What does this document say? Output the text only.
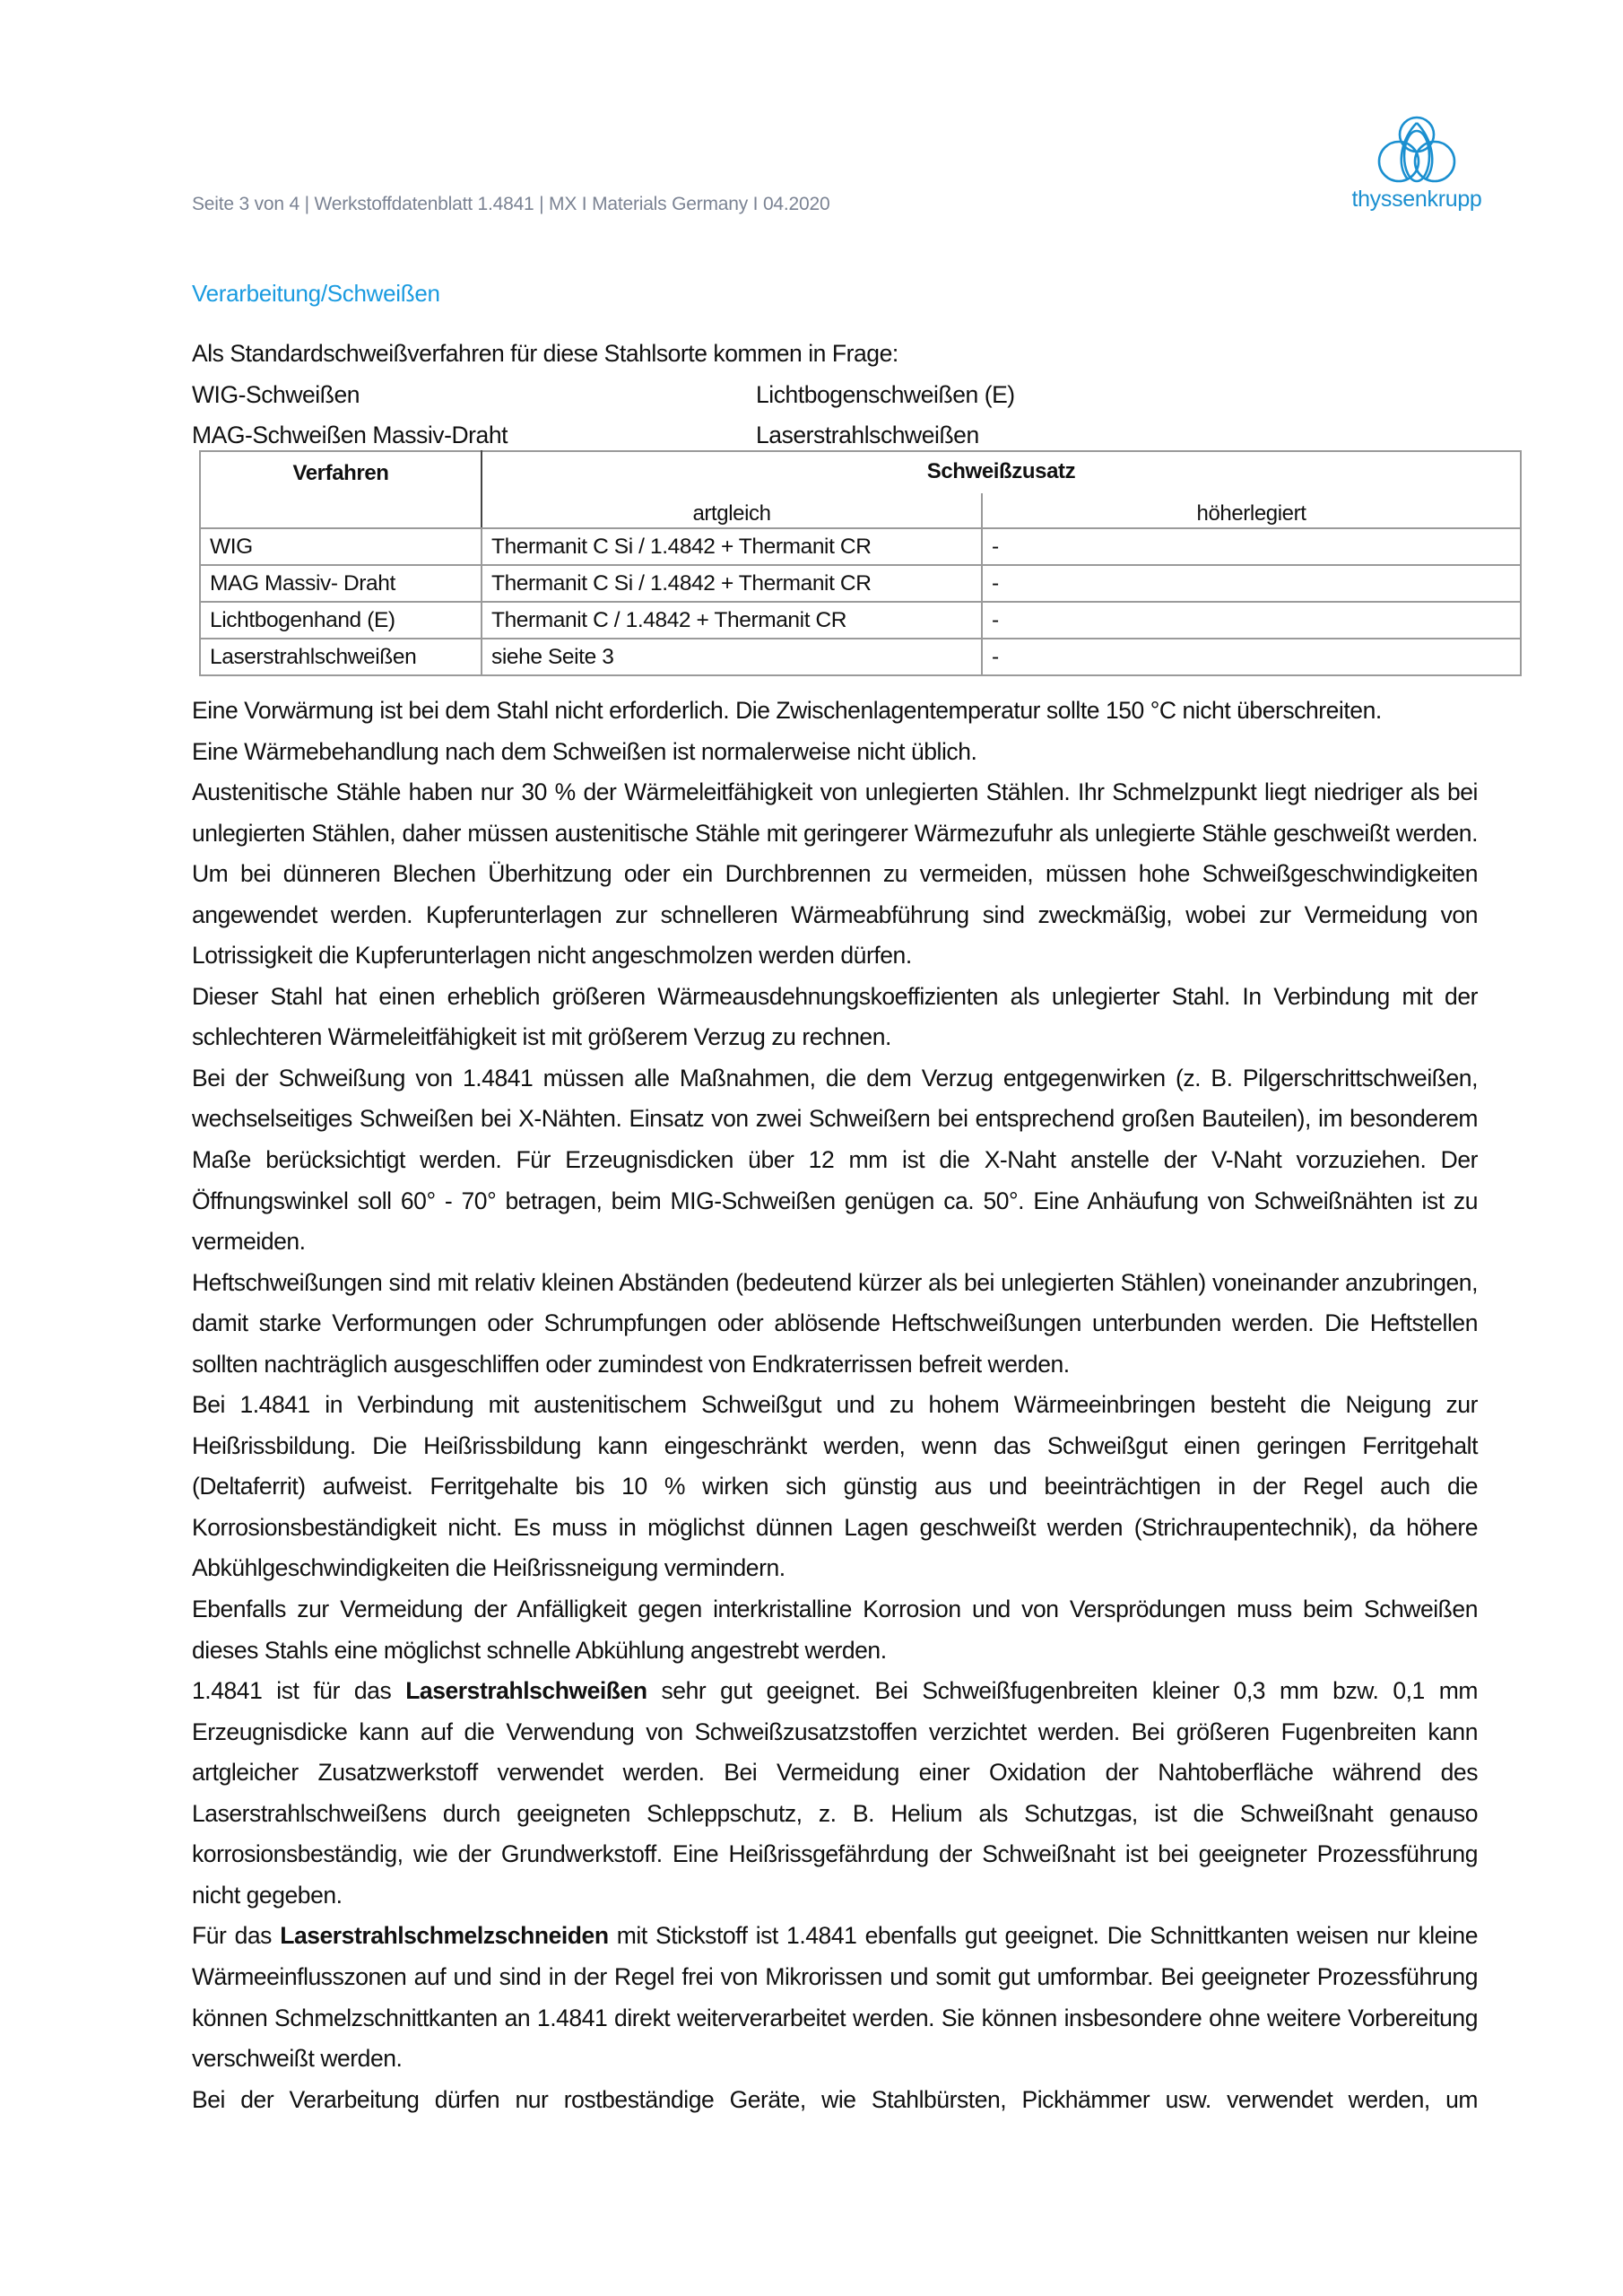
Seite 3 von 4 | Werkstoffdatenblatt 1.4841 | MX I Materials Germany I 04.2020	thyssenkrupp
Verarbeitung/Schweißen
Als Standardschweißverfahren für diese Stahlsorte kommen in Frage:
WIG-Schweißen	Lichtbogenschweißen (E)
MAG-Schweißen Massiv-Draht	Laserstrahlschweißen
Verfahren	Schweißzusatz	
	artgleich	höherlegiert
WIG	Thermanit C Si / 1.4842 + Thermanit CR	-
MAG Massiv- Draht	Thermanit C Si / 1.4842 + Thermanit CR	-
Lichtbogenhand (E)	Thermanit C / 1.4842 + Thermanit CR	-
Laserstrahlschweißen	siehe Seite 3	-

Eine Vorwärmung ist bei dem Stahl nicht erforderlich. Die Zwischenlagentemperatur sollte 150 °C nicht überschreiten.

Eine Wärmebehandlung nach dem Schweißen ist normalerweise nicht üblich.

Austenitische Stähle haben nur 30 % der Wärmeleitfähigkeit von unlegierten Stählen. Ihr Schmelzpunkt liegt niedriger als bei unlegierten Stählen, daher müssen austenitische Stähle mit geringerer Wärmezufuhr als unlegierte Stähle geschweißt werden. Um bei dünneren Blechen Überhitzung oder ein Durchbrennen zu vermeiden, müssen hohe Schweißgeschwindigkeiten angewendet werden. Kupferunterlagen zur schnelleren Wärmeabführung sind zweckmäßig, wobei zur Vermeidung von Lotrissigkeit die Kupferunterlagen nicht angeschmolzen werden dürfen.

Dieser Stahl hat einen erheblich größeren Wärmeausdehnungskoeffizienten als unlegierter Stahl. In Verbindung mit der schlechteren Wärmeleitfähigkeit ist mit größerem Verzug zu rechnen.

Bei der Schweißung von 1.4841 müssen alle Maßnahmen, die dem Verzug entgegenwirken (z. B. Pilgerschrittschweißen, wechselseitiges Schweißen bei X-Nähten. Einsatz von zwei Schweißern bei entsprechend großen Bauteilen), im besonderem Maße berücksichtigt werden. Für Erzeugnisdicken über 12 mm ist die X-Naht anstelle der V-Naht vorzuziehen. Der Öffnungswinkel soll 60° - 70° betragen, beim MIG-Schweißen genügen ca. 50°. Eine Anhäufung von Schweißnähten ist zu vermeiden.

Heftschweißungen sind mit relativ kleinen Abständen (bedeutend kürzer als bei unlegierten Stählen) voneinander anzubringen, damit starke Verformungen oder Schrumpfungen oder ablösende Heftschweißungen unterbunden werden. Die Heftstellen sollten nachträglich ausgeschliffen oder zumindest von Endkraterrissen befreit werden.

Bei 1.4841 in Verbindung mit austenitischem Schweißgut und zu hohem Wärmeeinbringen besteht die Neigung zur Heißrissbildung. Die Heißrissbildung kann eingeschränkt werden, wenn das Schweißgut einen geringen Ferritgehalt (Deltaferrit) aufweist. Ferritgehalte bis 10 % wirken sich günstig aus und beeinträchtigen in der Regel auch die Korrosionsbeständigkeit nicht. Es muss in möglichst dünnen Lagen geschweißt werden (Strichraupentechnik), da höhere Abkühlgeschwindigkeiten die Heißrissneigung vermindern.

Ebenfalls zur Vermeidung der Anfälligkeit gegen interkristalline Korrosion und von Versprödungen muss beim Schweißen dieses Stahls eine möglichst schnelle Abkühlung angestrebt werden.

1.4841 ist für das Laserstrahlschweißen sehr gut geeignet. Bei Schweißfugenbreiten kleiner 0,3 mm bzw. 0,1 mm Erzeugnisdicke kann auf die Verwendung von Schweißzusatzstoffen verzichtet werden. Bei größeren Fugenbreiten kann artgleicher Zusatzwerkstoff verwendet werden. Bei Vermeidung einer Oxidation der Nahtoberfläche während des Laserstrahlschweißens durch geeigneten Schleppschutz, z. B. Helium als Schutzgas, ist die Schweißnaht genauso korrosionsbeständig, wie der Grundwerkstoff. Eine Heißrissgefährdung der Schweißnaht ist bei geeigneter Prozessführung nicht gegeben.

Für das Laserstrahlschmelzschneiden mit Stickstoff ist 1.4841 ebenfalls gut geeignet. Die Schnittkanten weisen nur kleine Wärmeeinflusszonen auf und sind in der Regel frei von Mikrorissen und somit gut umformbar. Bei geeigneter Prozessführung können Schmelzschnittkanten an 1.4841 direkt weiterverarbeitet werden. Sie können insbesondere ohne weitere Vorbereitung verschweißt werden.

Bei der Verarbeitung dürfen nur rostbeständige Geräte, wie Stahlbürsten, Pickhämmer usw. verwendet werden, um
